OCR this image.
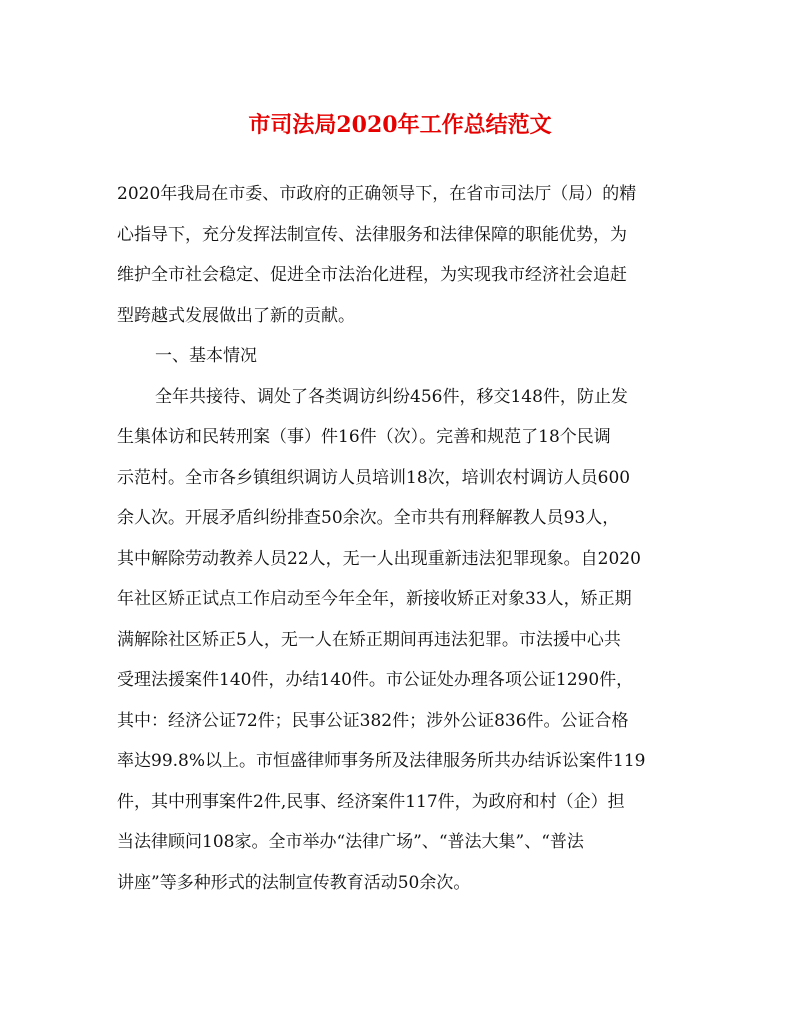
市司法局2020年工作总结范文
2020年我局在市委、市政府的正确领导下，在省市司法厅（局）的精
心指导下，充分发挥法制宣传、法律服务和法律保障的职能优势，为
维护全市社会稳定、促进全市法治化进程，为实现我市经济社会追赶
型跨越式发展做出了新的贡献。
一、基本情况
全年共接待、调处了各类调访纠纷456件，移交148件，防止发
生集体访和民转刑案（事）件16件（次）。完善和规范了18个民调
示范村。全市各乡镇组织调访人员培训18次，培训农村调访人员600
余人次。开展矛盾纠纷排查50余次。全市共有刑释解教人员93人，
其中解除劳动教养人员22人，无一人出现重新违法犯罪现象。自2020
年社区矫正试点工作启动至今年全年，新接收矫正对象33人，矫正期
满解除社区矫正5人，无一人在矫正期间再违法犯罪。市法援中心共
受理法援案件140件，办结140件。市公证处办理各项公证1290件，
其中：经济公证72件；民事公证382件；涉外公证836件。公证合格
率达99.8%以上。市恒盛律师事务所及法律服务所共办结诉讼案件119
件，其中刑事案件2件,民事、经济案件117件，为政府和村（企）担
当法律顾问108家。全市举办“法律广场”、“普法大集”、“普法
讲座”等多种形式的法制宣传教育活动50余次。
